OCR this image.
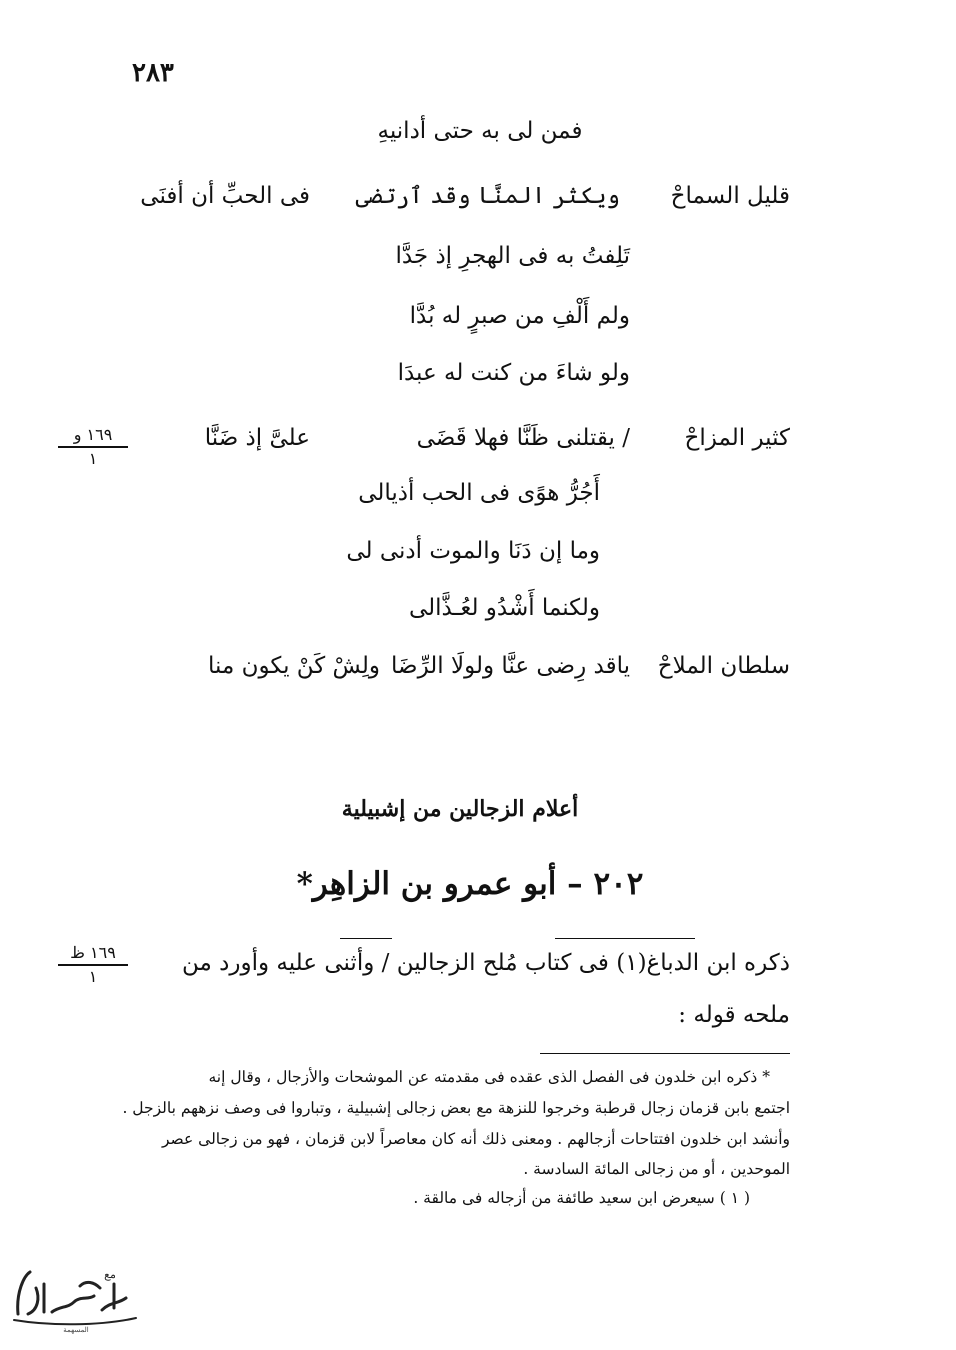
٢٨٣
فمن لى به حتى أدانيهِ
قليل السماحْ
ويكثر المنَّا وقد ٱرتضى
فى الحبِّ أن أفنَى
تَلِفتُ به فى الهجرِ إذ جَدَّا
ولم أَلْفِ من صبرٍ له بُدَّا
ولو شاءَ من كنت له عبدَا
كثير المزاحْ
/ يقتلنى ظَنَّا فهلا قَضَى
علىَّ إذ ضَنَّا
١٦٩ و
١
أَجُرُّ هوًى فى الحب أذيالى
وما إن دَنَا والموت أدنى لى
ولكنما أَشْدُو لعُـذَّالى
سلطان الملاحْ
ياقد رِضى عنَّا ولولَا الرِّضَا
ولِشْ كَنْ يكون منا
أعلام الزجالين من إشبيلية
٢٠٢ – أبو عمرو بن الزاهِر*
ذكره ابن الدباغ(١) فى كتاب مُلح الزجالين / وأثنى عليه وأورد من
١٦٩ ظ
١
ملحه قوله :
* ذكره ابن خلدون فى الفصل الذى عقده فى مقدمته عن الموشحات والأزجال ، وقال إنه
اجتمع بابن قزمان زجال قرطبة وخرجوا للنزهة مع بعض زجالى إشبيلية ، وتباروا فى وصف نزههم بالزجل .
وأنشد ابن خلدون افتتاحات أزجالهم . ومعنى ذلك أنه كان معاصراً لابن قزمان ، فهو من زجالى عصر
الموحدين ، أو من زجالى المائة السادسة .
( ١ ) سيعرض ابن سعيد طائفة من أزجاله فى مالقة .
مع
المسهمة
